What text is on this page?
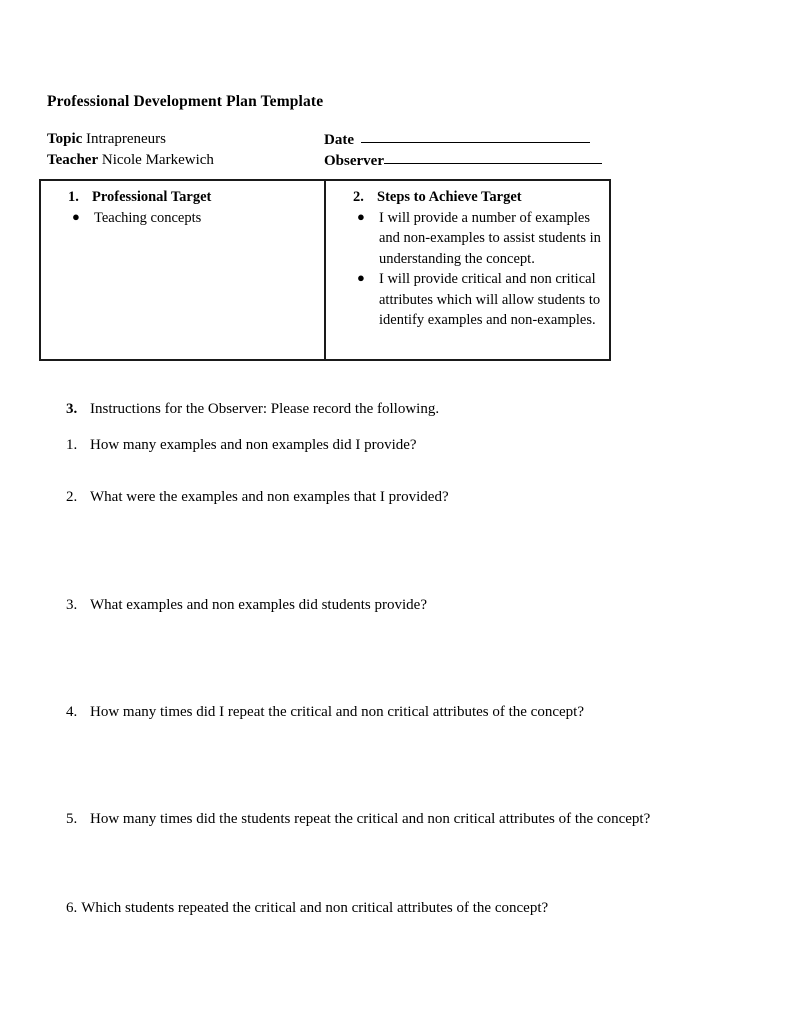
Professional Development Plan Template
Topic Intrapreneurs	Date
Teacher Nicole Markewich	Observer
1. Professional Target
● Teaching concepts
2. Steps to Achieve Target
● I will provide a number of examples and non-examples to assist students in understanding the concept.
● I will provide critical and non critical attributes which will allow students to identify examples and non-examples.
3. Instructions for the Observer: Please record the following.
1. How many examples and non examples did I provide?
2. What were the examples and non examples that I provided?
3. What examples and non examples did students provide?
4. How many times did I repeat the critical and non critical attributes of the concept?
5. How many times did the students repeat the critical and non critical attributes of the concept?
6. Which students repeated the critical and non critical attributes of the concept?
